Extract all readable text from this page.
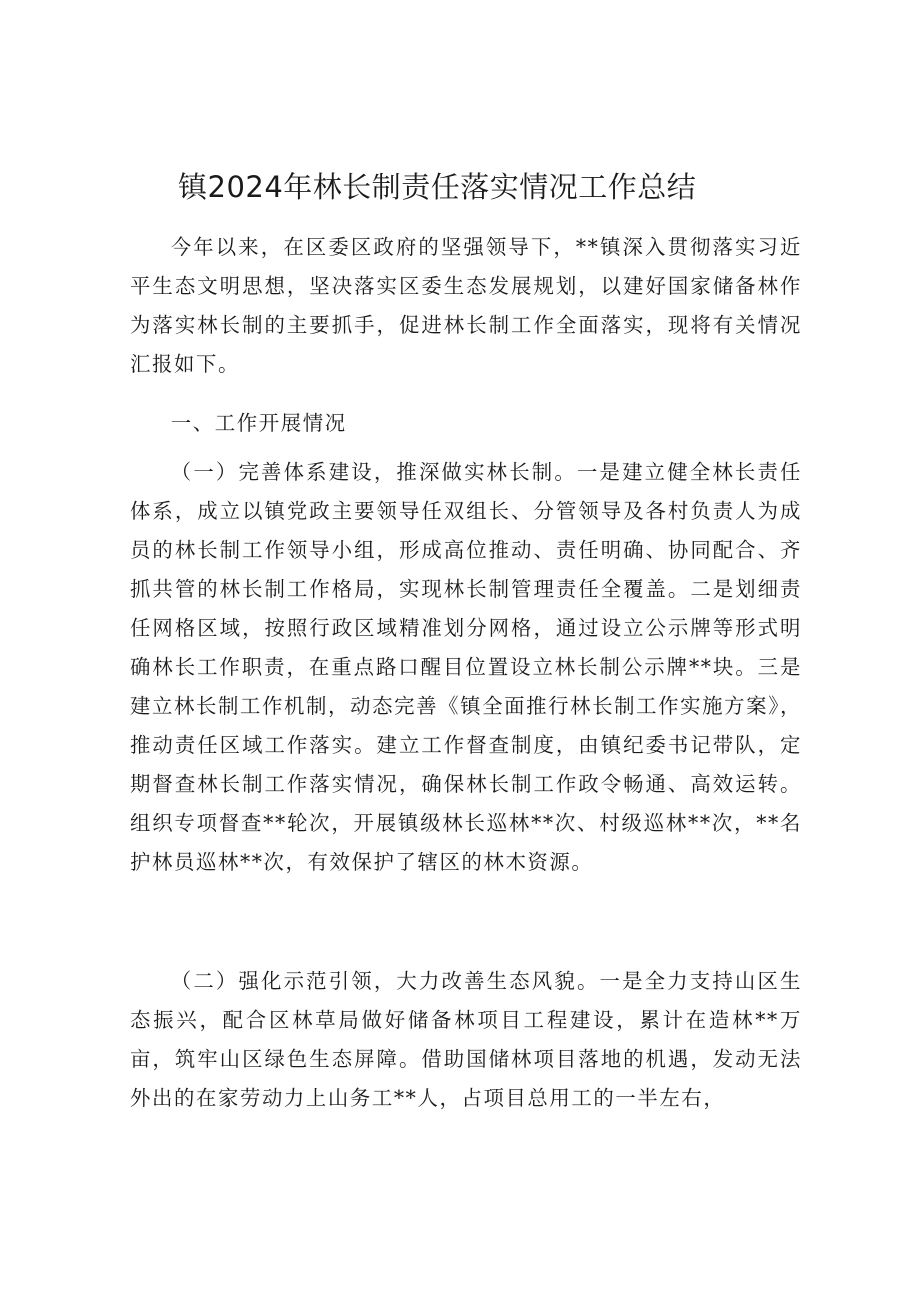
镇2024年林长制责任落实情况工作总结

今年以来，在区委区政府的坚强领导下，**镇深入贯彻落实习近平生态文明思想，坚决落实区委生态发展规划，以建好国家储备林作为落实林长制的主要抓手，促进林长制工作全面落实，现将有关情况汇报如下。

一、工作开展情况

（一）完善体系建设，推深做实林长制。一是建立健全林长责任体系，成立以镇党政主要领导任双组长、分管领导及各村负责人为成员的林长制工作领导小组，形成高位推动、责任明确、协同配合、齐抓共管的林长制工作格局，实现林长制管理责任全覆盖。二是划细责任网格区域，按照行政区域精准划分网格，通过设立公示牌等形式明确林长工作职责，在重点路口醒目位置设立林长制公示牌**块。三是建立林长制工作机制，动态完善《镇全面推行林长制工作实施方案》，推动责任区域工作落实。建立工作督查制度，由镇纪委书记带队，定期督查林长制工作落实情况，确保林长制工作政令畅通、高效运转。组织专项督查**轮次，开展镇级林长巡林**次、村级巡林**次，**名护林员巡林**次，有效保护了辖区的林木资源。

（二）强化示范引领，大力改善生态风貌。一是全力支持山区生态振兴，配合区林草局做好储备林项目工程建设，累计在造林**万亩，筑牢山区绿色生态屏障。借助国储林项目落地的机遇，发动无法外出的在家劳动力上山务工**人，占项目总用工的一半左右，
